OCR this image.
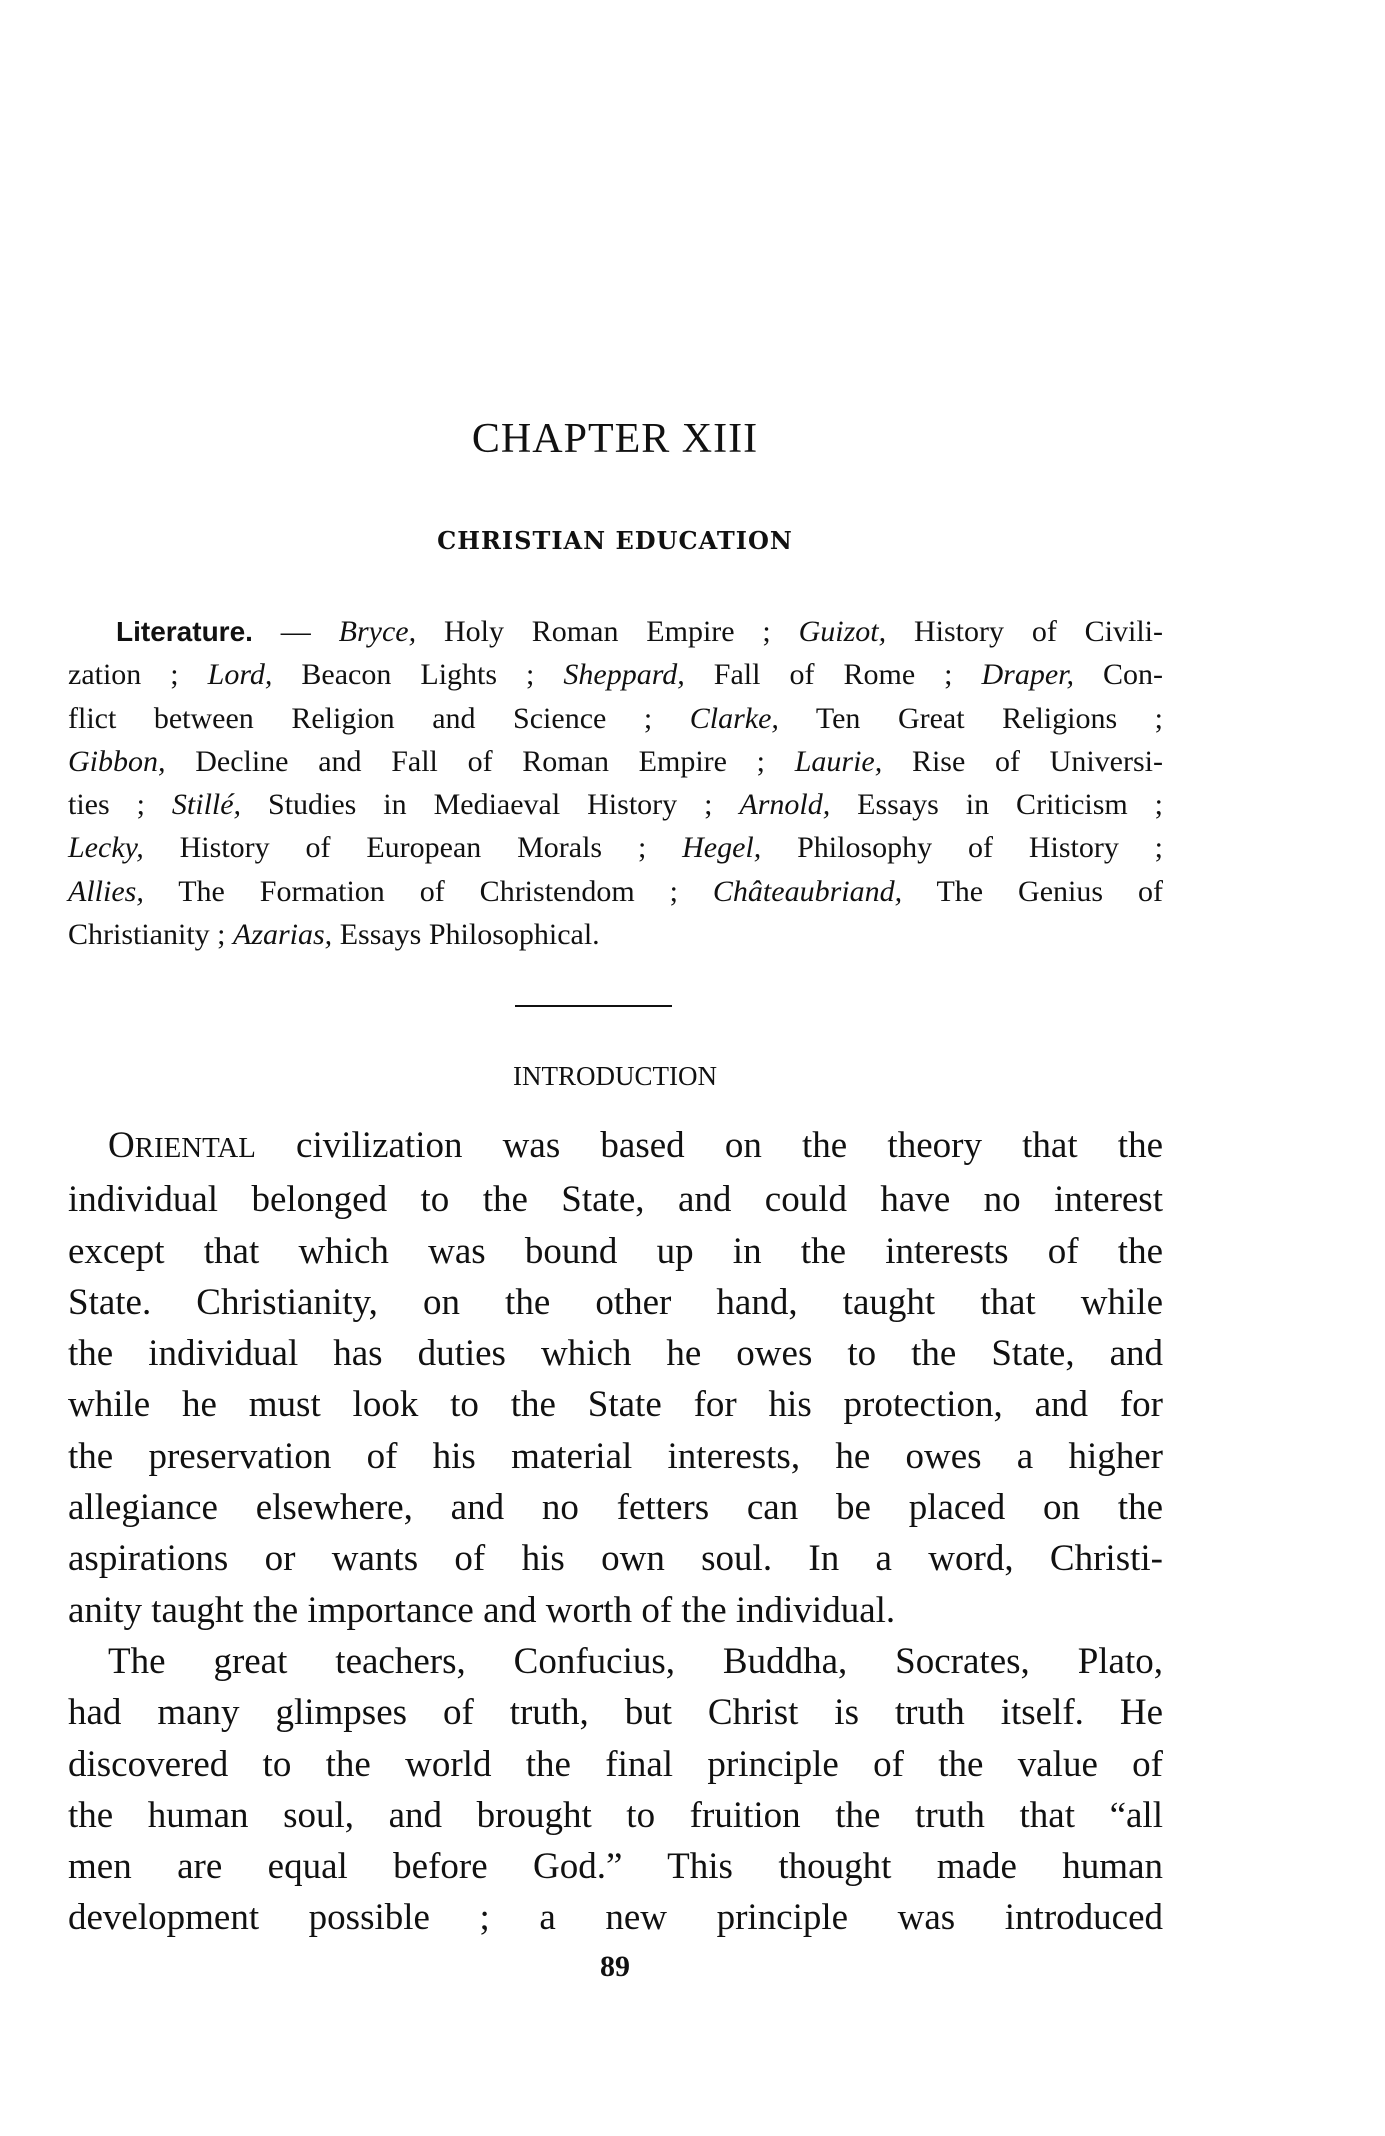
CHAPTER XIII
CHRISTIAN EDUCATION
Literature. — Bryce, Holy Roman Empire ; Guizot, History of Civili-
zation ; Lord, Beacon Lights ; Sheppard, Fall of Rome ; Draper, Con-
flict between Religion and Science ; Clarke, Ten Great Religions ;
Gibbon, Decline and Fall of Roman Empire ; Laurie, Rise of Universi-
ties ; Stillé, Studies in Mediaeval History ; Arnold, Essays in Criticism ;
Lecky, History of European Morals ; Hegel, Philosophy of History ;
Allies, The Formation of Christendom ; Châteaubriand, The Genius of
Christianity ; Azarias, Essays Philosophical.
INTRODUCTION
ORIENTAL civilization was based on the theory that the
individual belonged to the State, and could have no interest
except that which was bound up in the interests of the
State. Christianity, on the other hand, taught that while
the individual has duties which he owes to the State, and
while he must look to the State for his protection, and for
the preservation of his material interests, he owes a higher
allegiance elsewhere, and no fetters can be placed on the
aspirations or wants of his own soul. In a word, Christi-
anity taught the importance and worth of the individual.
The great teachers, Confucius, Buddha, Socrates, Plato,
had many glimpses of truth, but Christ is truth itself. He
discovered to the world the final principle of the value of
the human soul, and brought to fruition the truth that “all
men are equal before God.” This thought made human
development possible ; a new principle was introduced
89
